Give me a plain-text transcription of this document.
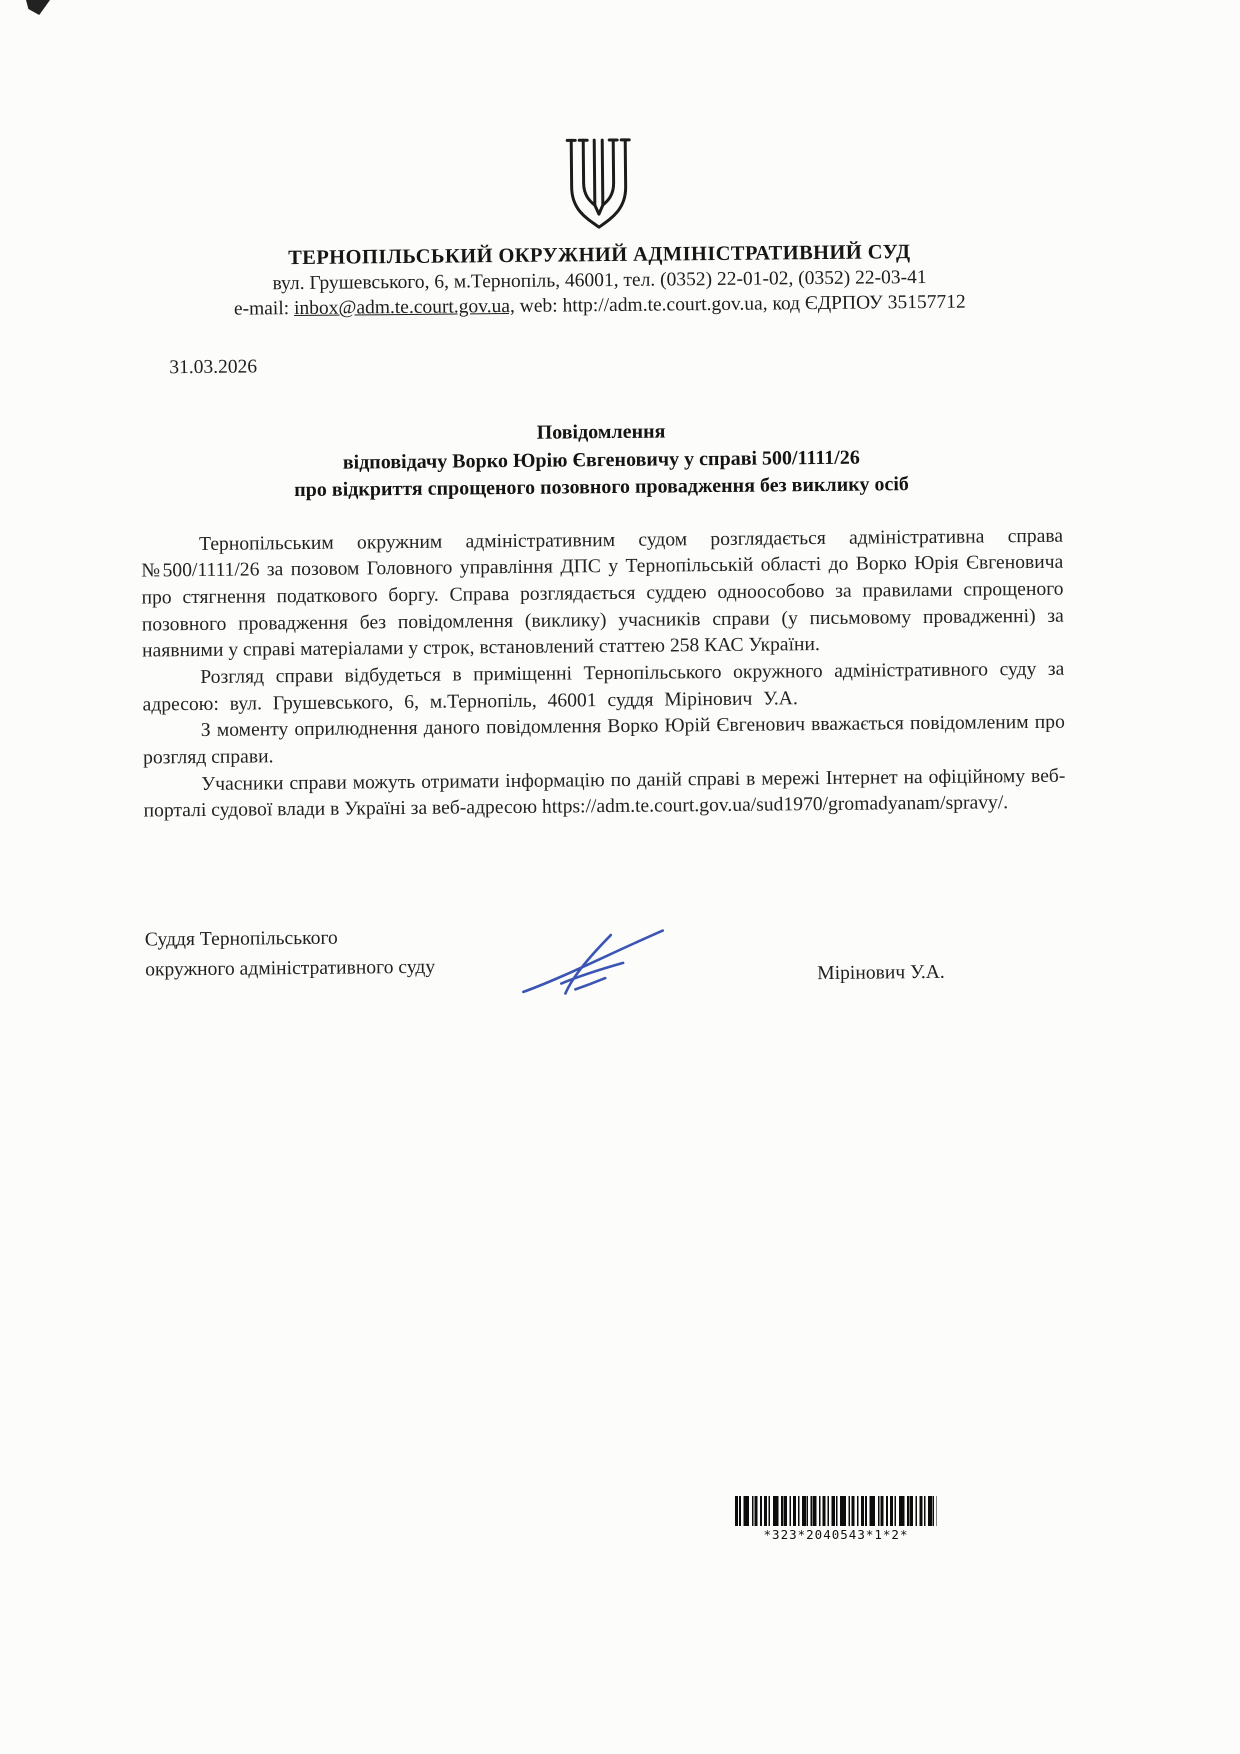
ТЕРНОПІЛЬСЬКИЙ ОКРУЖНИЙ АДМІНІСТРАТИВНИЙ СУД
вул. Грушевського, 6, м.Тернопіль, 46001, тел. (0352) 22-01-02, (0352) 22-03-41
e-mail: inbox@adm.te.court.gov.ua, web: http://adm.te.court.gov.ua, код ЄДРПОУ 35157712
31.03.2026
Повідомлення
відповідачу Ворко Юрію Євгеновичу у справі 500/1111/26
про відкриття спрощеного позовного провадження без виклику осіб

Тернопільським окружним адміністративним судом розглядається адміністративна справа №500/1111/26 за позовом Головного управління ДПС у Тернопільській області до Ворко Юрія Євгеновича про стягнення податкового боргу. Справа розглядається суддею одноособово за правилами спрощеного позовного провадження без повідомлення (виклику) учасників справи (у письмовому провадженні) за наявними у справі матеріалами у строк, встановлений статтею 258 КАС України.

Розгляд справи відбудеться в приміщенні Тернопільського окружного адміністративного суду за адресою: вул. Грушевського, 6, м.Тернопіль, 46001 суддя Мірінович У.А.

З моменту оприлюднення даного повідомлення Ворко Юрій Євгенович вважається повідомленим про розгляд справи.

Учасники справи можуть отримати інформацію по даній справі в мережі Інтернет на офіційному веб-порталі судової влади в Україні за веб-адресою https://adm.te.court.gov.ua/sud1970/gromadyanam/spravy/.

Суддя Тернопільського
окружного адміністративного суду	Мірінович У.А.
*323*2040543*1*2*
